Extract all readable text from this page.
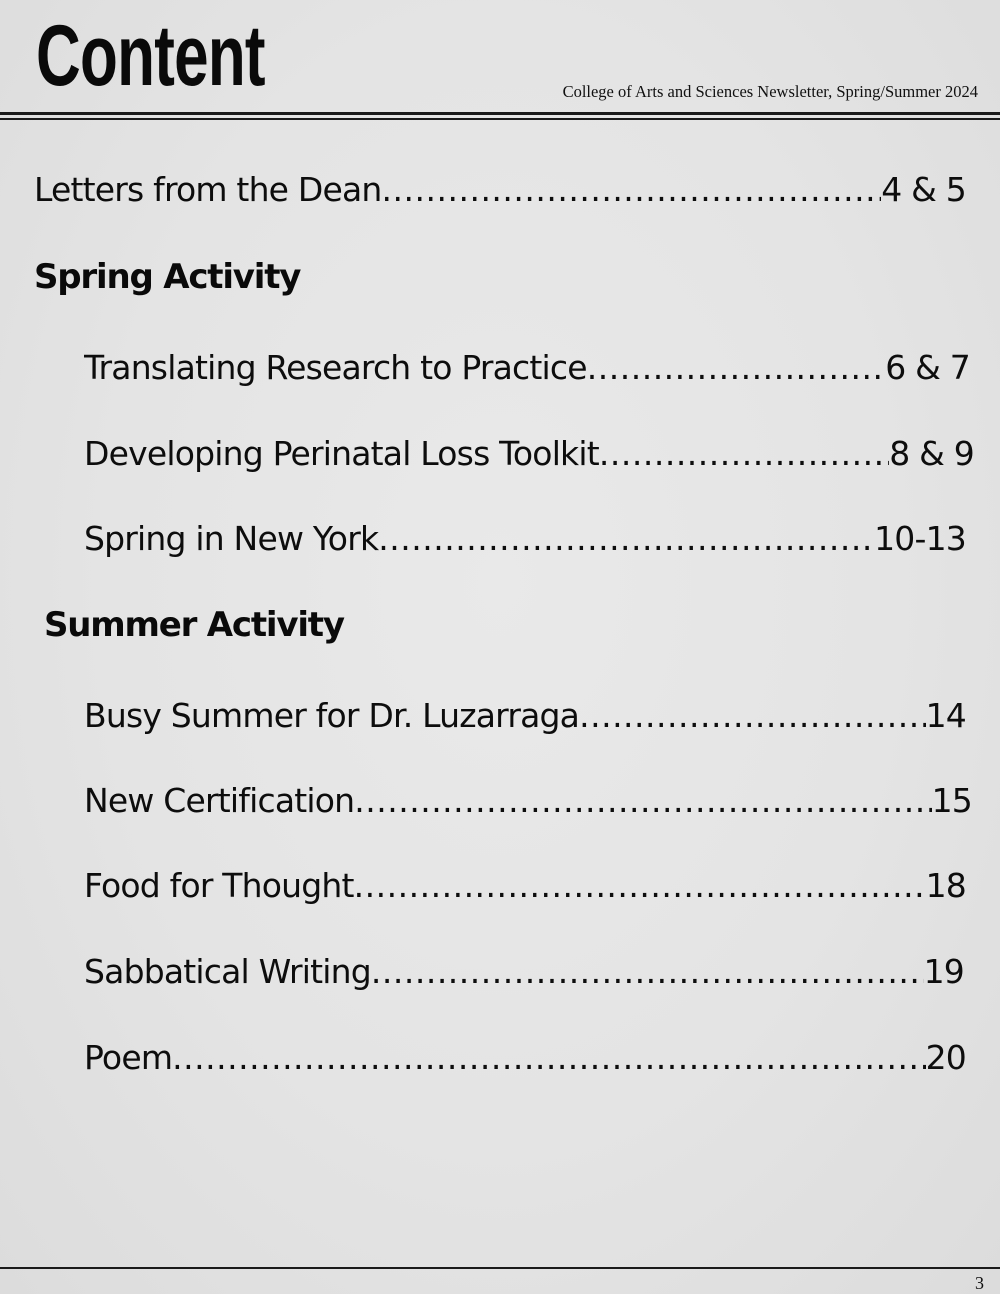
Content	College of Arts and Sciences Newsletter, Spring/Summer 2024
Letters from the Dean .....	4 & 5
Spring Activity
Translating Research to Practice .....	6 & 7
Developing Perinatal Loss Toolkit .....	8 & 9
Spring in New York .....	10-13
Summer Activity
Busy Summer for Dr. Luzarraga .....	14
New Certification .....	15
Food for Thought .....	18
Sabbatical Writing .....	19
Poem .....	20
3
